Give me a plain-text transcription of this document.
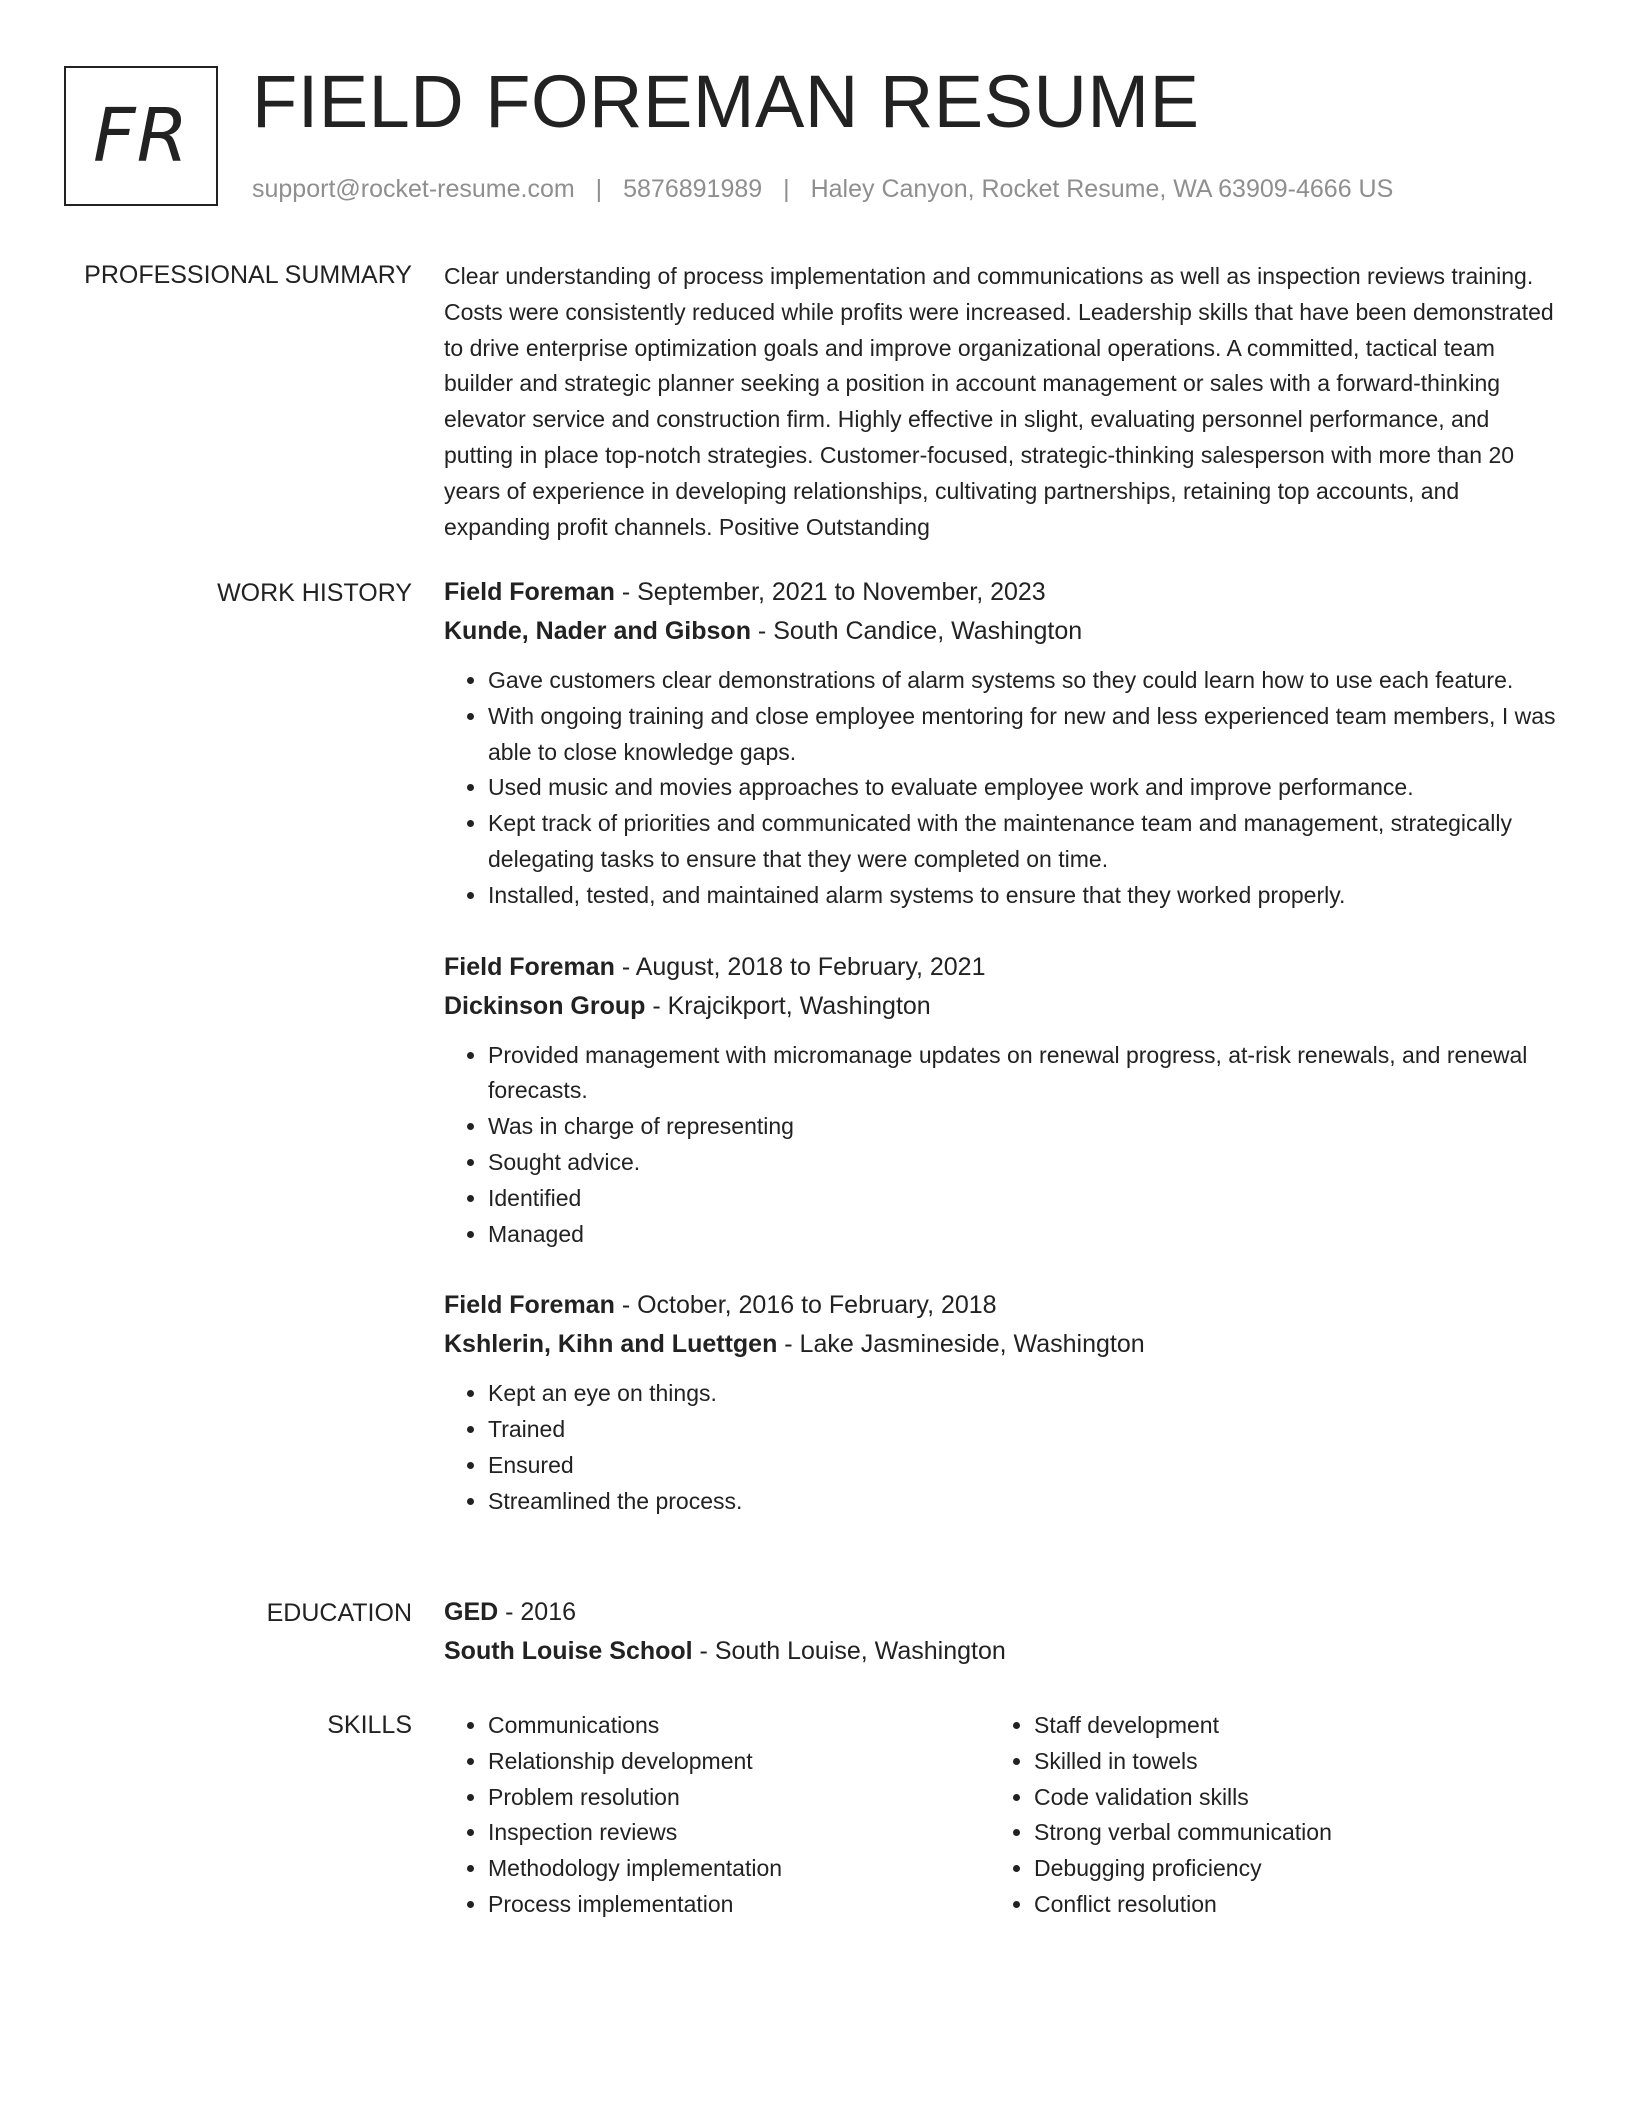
FR FIELD FOREMAN RESUME
support@rocket-resume.com | 5876891989 | Haley Canyon, Rocket Resume, WA 63909-4666 US
PROFESSIONAL SUMMARY Clear understanding of process implementation and communications as well as inspection reviews training. Costs were consistently reduced while profits were increased. Leadership skills that have been demonstrated to drive enterprise optimization goals and improve organizational operations. A committed, tactical team builder and strategic planner seeking a position in account management or sales with a forward-thinking elevator service and construction firm. Highly effective in slight, evaluating personnel performance, and putting in place top-notch strategies. Customer-focused, strategic-thinking salesperson with more than 20 years of experience in developing relationships, cultivating partnerships, retaining top accounts, and expanding profit channels. Positive Outstanding

WORK HISTORY Field Foreman - September, 2021 to November, 2023
Kunde, Nader and Gibson - South Candice, Washington
• Gave customers clear demonstrations of alarm systems so they could learn how to use each feature.
• With ongoing training and close employee mentoring for new and less experienced team members, I was able to close knowledge gaps.
• Used music and movies approaches to evaluate employee work and improve performance.
• Kept track of priorities and communicated with the maintenance team and management, strategically delegating tasks to ensure that they were completed on time.
• Installed, tested, and maintained alarm systems to ensure that they worked properly.
Field Foreman - August, 2018 to February, 2021
Dickinson Group - Krajcikport, Washington
• Provided management with micromanage updates on renewal progress, at-risk renewals, and renewal forecasts.
• Was in charge of representing
• Sought advice.
• Identified
• Managed
Field Foreman - October, 2016 to February, 2018
Kshlerin, Kihn and Luettgen - Lake Jasmineside, Washington
• Kept an eye on things.
• Trained
• Ensured
• Streamlined the process.
EDUCATION GED - 2016
South Louise School - South Louise, Washington
SKILLS
•	Communications
• Relationship development
• Problem resolution
• Inspection reviews
• Methodology implementation
• Process implementation
• Staff development
• Skilled in towels
• Code validation skills
• Strong verbal communication
• Debugging proficiency
• Conflict resolution
